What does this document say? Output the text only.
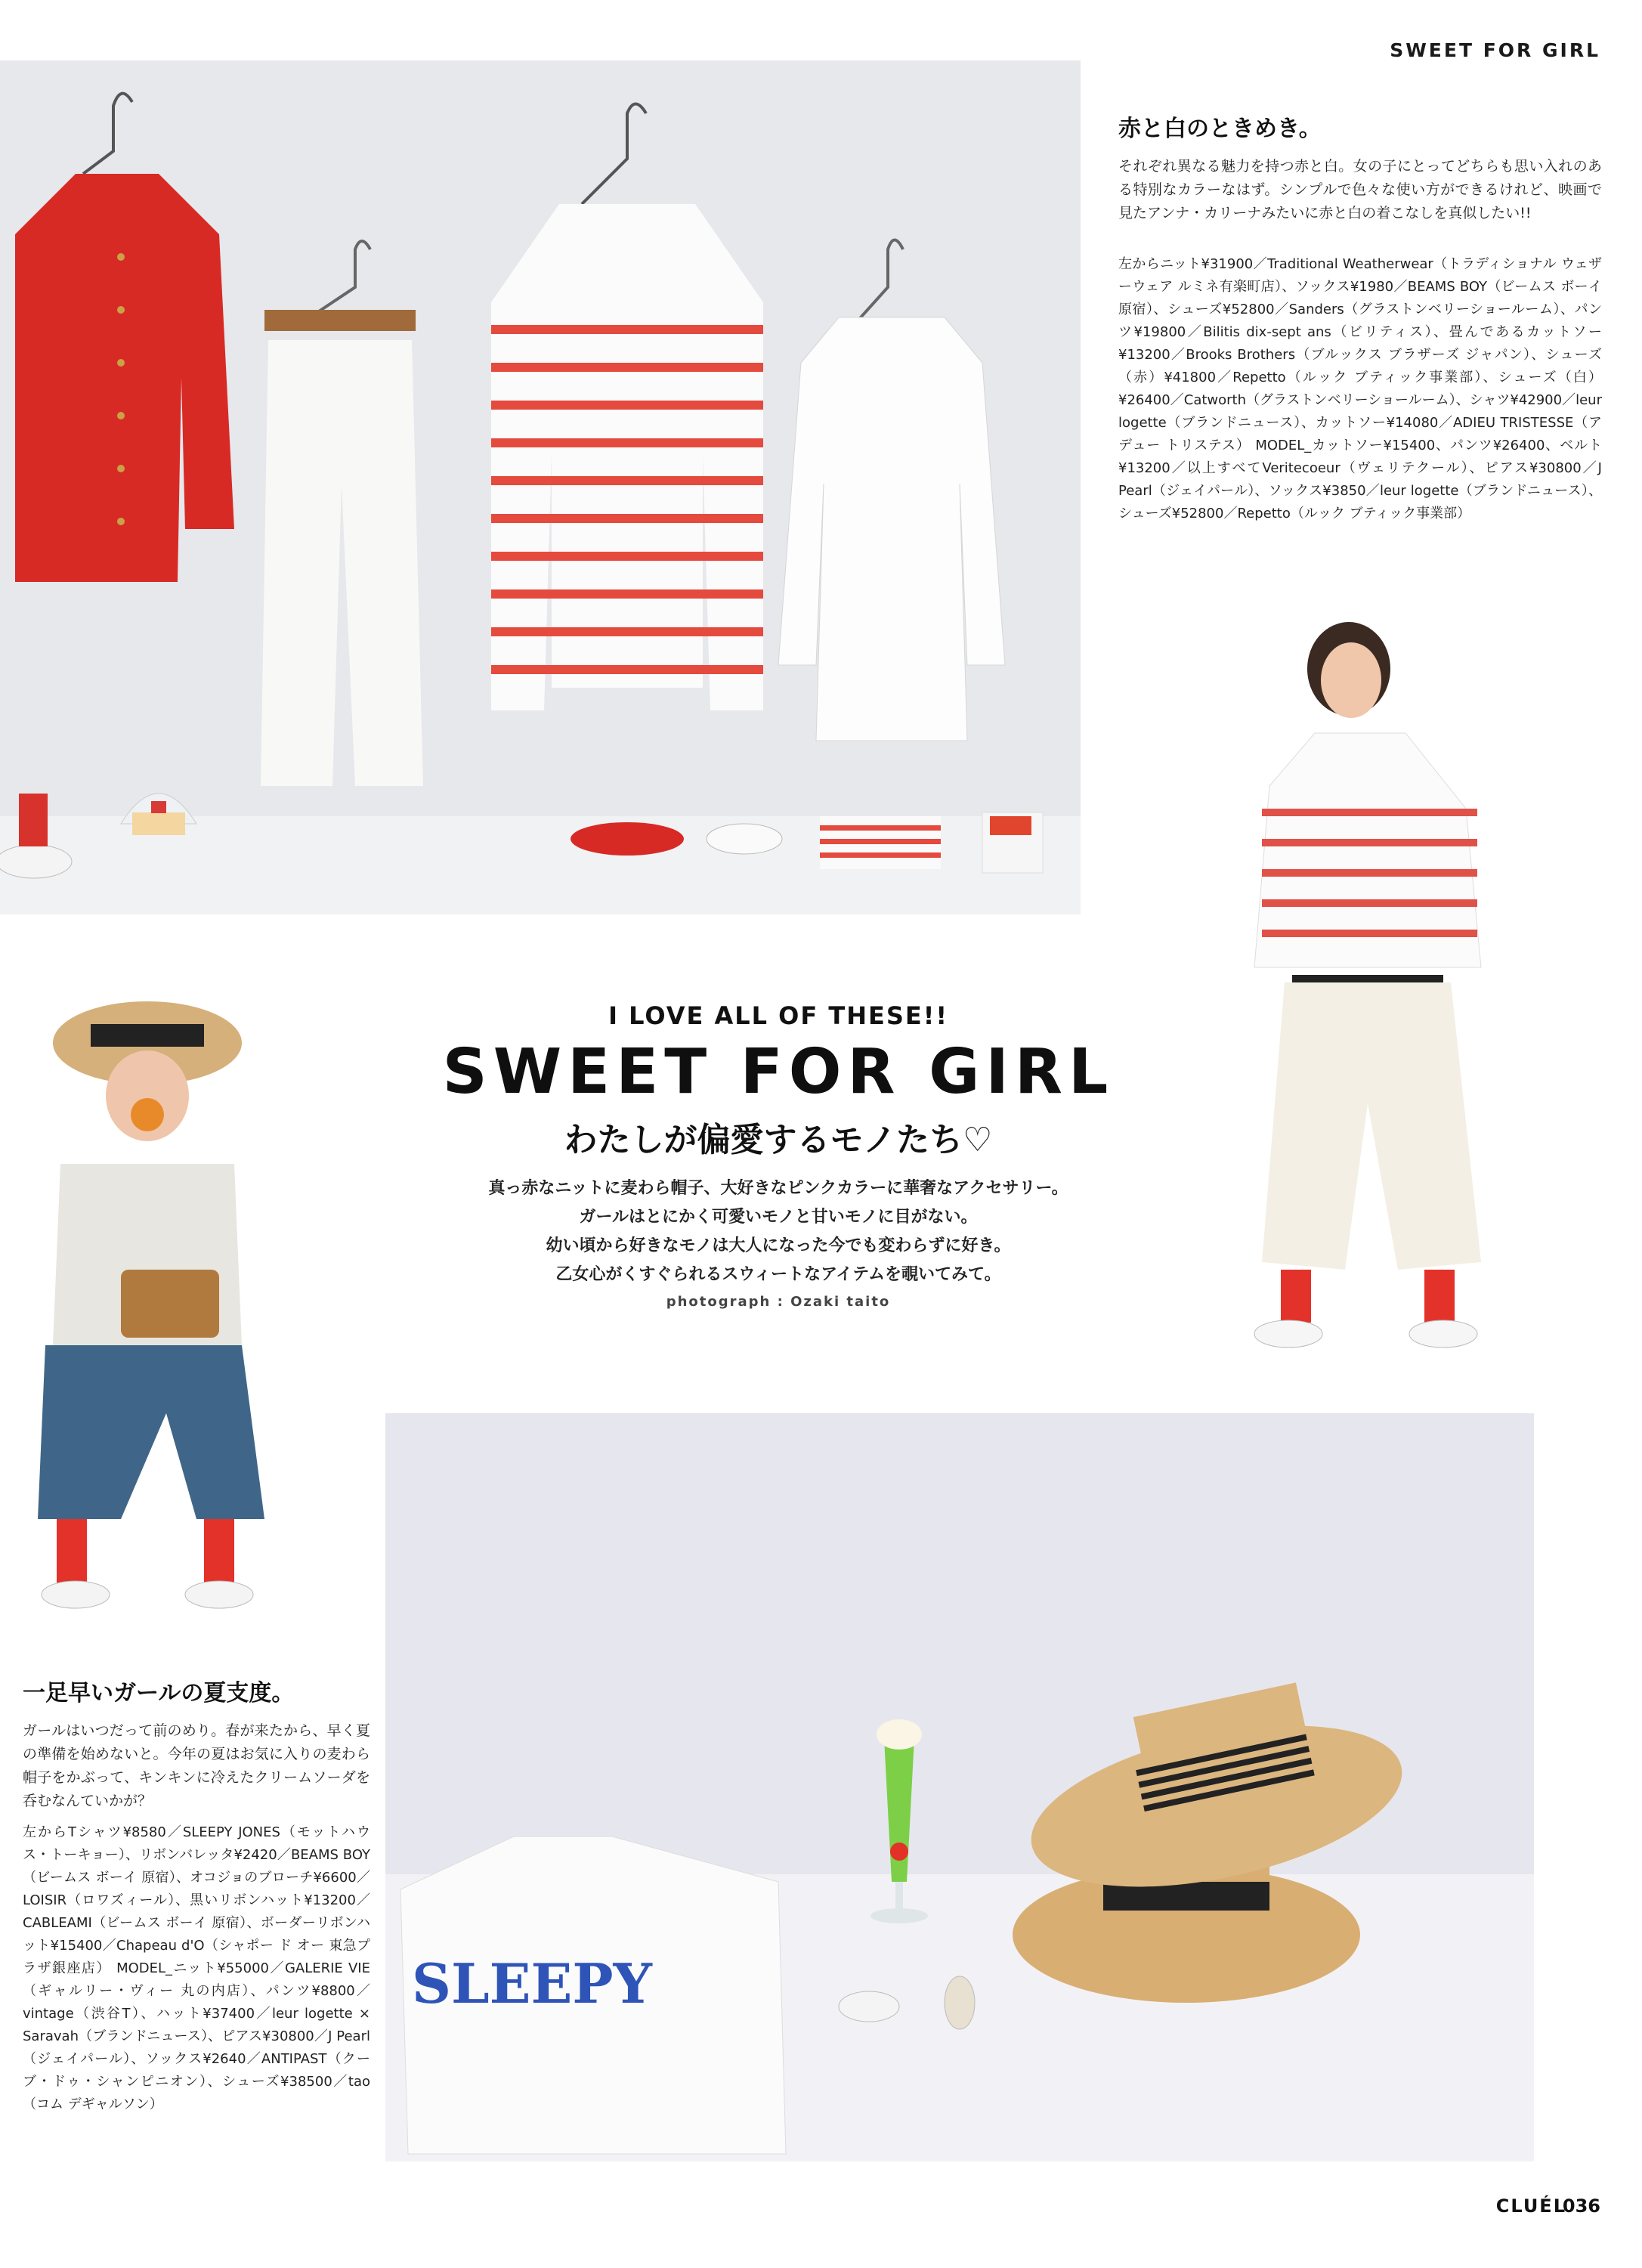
SWEET FOR GIRL
赤と白のときめき。
それぞれ異なる魅力を持つ赤と白。女の子にとってどちらも思い入れのある特別なカラーなはず。シンプルで色々な使い方ができるけれど、映画で見たアンナ・カリーナみたいに赤と白の着こなしを真似したい!!
左からニット¥31900／Traditional Weatherwear（トラディショナル ウェザーウェア ルミネ有楽町店）、ソックス¥1980／BEAMS BOY（ビームス ボーイ 原宿）、シューズ¥52800／Sanders（グラストンベリーショールーム）、パンツ¥19800／Bilitis dix-sept ans（ビリティス）、畳んであるカットソー¥13200／Brooks Brothers（ブルックス ブラザーズ ジャパン）、シューズ（赤）¥41800／Repetto（ルック ブティック事業部）、シューズ（白）¥26400／Catworth（グラストンベリーショールーム）、シャツ¥42900／leur logette（ブランドニュース）、カットソー¥14080／ADIEU TRISTESSE（アデュー トリステス） MODEL_カットソー¥15400、パンツ¥26400、ベルト¥13200／以上すべてVeritecoeur（ヴェリテクール）、ピアス¥30800／J Pearl（ジェイパール）、ソックス¥3850／leur logette（ブランドニュース）、シューズ¥52800／Repetto（ルック ブティック事業部）
I LOVE ALL OF THESE!!
SWEET FOR GIRL
わたしが偏愛するモノたち♡
真っ赤なニットに麦わら帽子、大好きなピンクカラーに華奢なアクセサリー。
ガールはとにかく可愛いモノと甘いモノに目がない。
幼い頃から好きなモノは大人になった今でも変わらずに好き。
乙女心がくすぐられるスウィートなアイテムを覗いてみて。
photograph : Ozaki taito
一足早いガールの夏支度。
ガールはいつだって前のめり。春が来たから、早く夏の準備を始めないと。今年の夏はお気に入りの麦わら帽子をかぶって、キンキンに冷えたクリームソーダを呑むなんていかが？
左からTシャツ¥8580／SLEEPY JONES（モットハウス・トーキョー）、リボンバレッタ¥2420／BEAMS BOY（ビームス ボーイ 原宿）、オコジョのブローチ¥6600／LOISIR（ロワズィール）、黒いリボンハット¥13200／CABLEAMI（ビームス ボーイ 原宿）、ボーダーリボンハット¥15400／Chapeau d'O（シャポー ド オー 東急プラザ銀座店） MODEL_ニット¥55000／GALERIE VIE（ギャルリー・ヴィー 丸の内店）、パンツ¥8800／vintage（渋谷T）、ハット¥37400／leur logette × Saravah（ブランドニュース）、ピアス¥30800／J Pearl（ジェイパール）、ソックス¥2640／ANTIPAST（クーブ・ドゥ・シャンピニオン）、シューズ¥38500／tao（コム デギャルソン）
SLEEPY
CLUÉL
036
